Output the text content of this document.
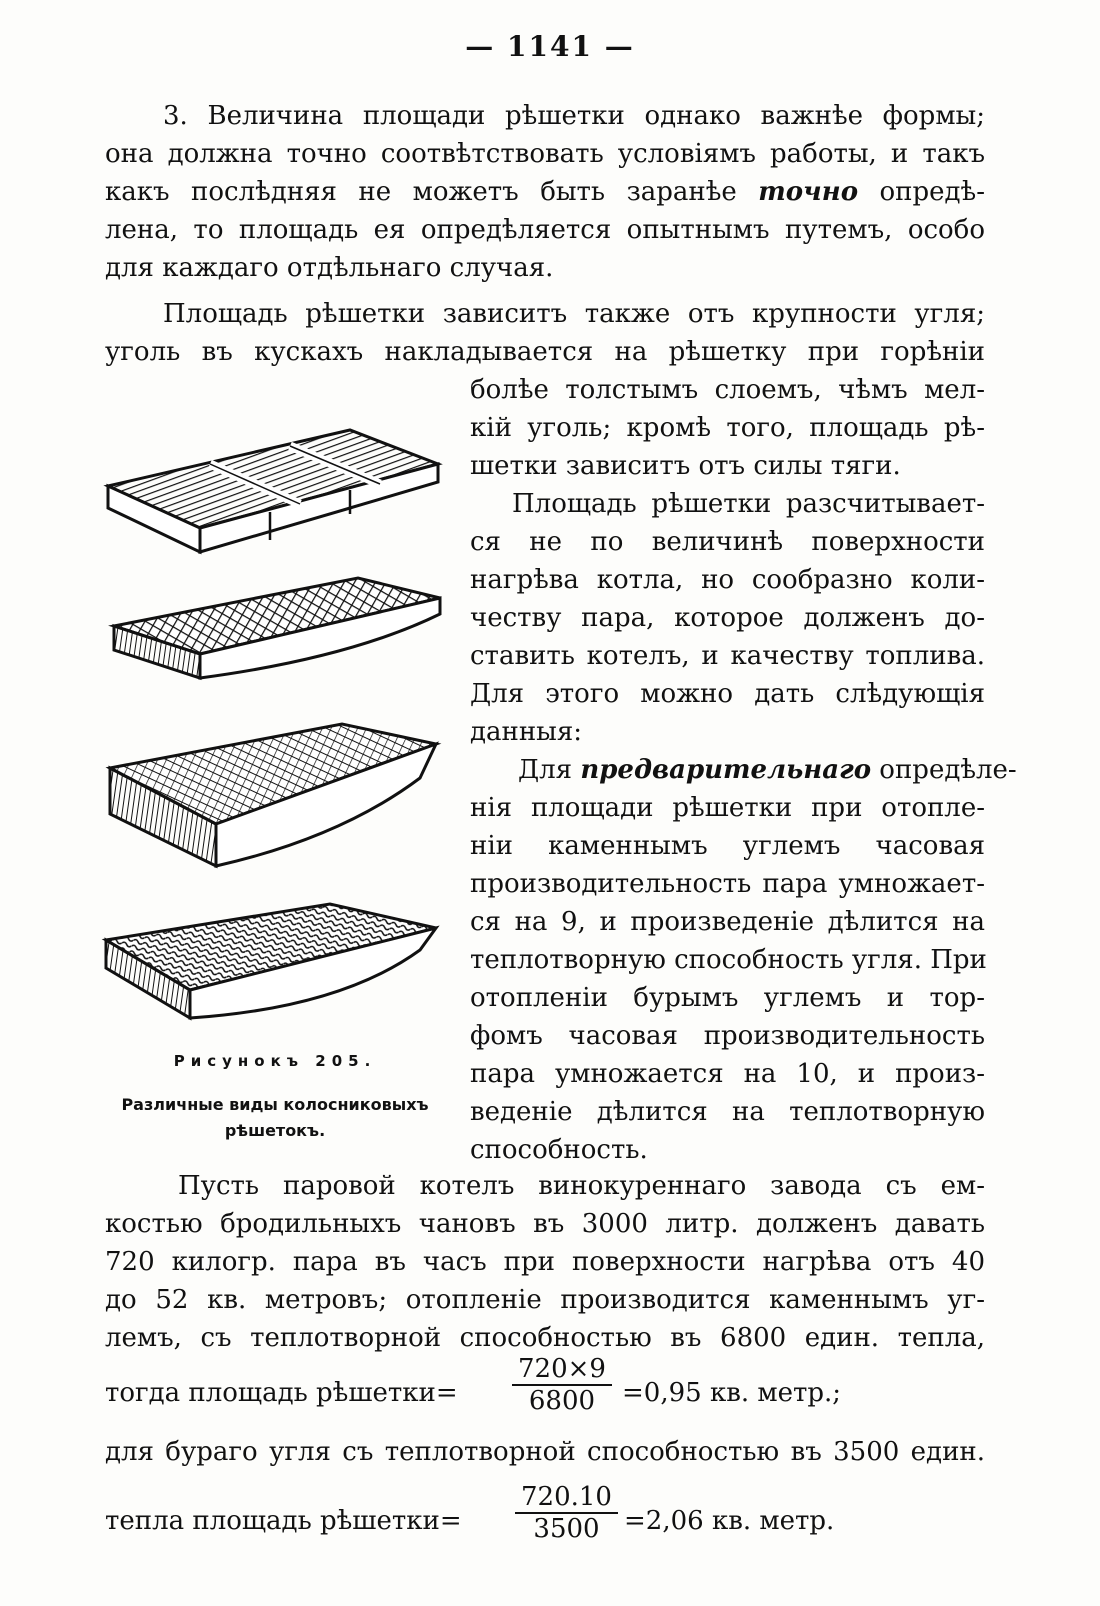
— 1141 —
3. Величина площади рѣшетки однако важнѣе формы;
она должна точно соотвѣтствовать условіямъ работы, и такъ
какъ послѣдняя не можетъ быть заранѣе точно опредѣ-
лена, то площадь ея опредѣляется опытнымъ путемъ, особо
для каждаго отдѣльнаго случая.
Площадь рѣшетки зависитъ также отъ крупности угля;
уголь въ кускахъ накладывается на рѣшетку при горѣніи
болѣе толстымъ слоемъ, чѣмъ мел-
кій уголь; кромѣ того, площадь рѣ-
шетки зависитъ отъ силы тяги.
Площадь рѣшетки разсчитывает-
ся не по величинѣ поверхности
нагрѣва котла, но сообразно коли-
честву пара, которое долженъ до-
ставить котелъ, и качеству топлива.
Для этого можно дать слѣдующія
данныя:
Для предварительнаго опредѣле-
нія площади рѣшетки при отопле-
ніи каменнымъ углемъ часовая
производительность пара умножает-
ся на 9, и произведеніе дѣлится на
теплотворную способность угля. При
отопленіи бурымъ углемъ и тор-
фомъ часовая производительность
пара умножается на 10, и произ-
веденіе дѣлится на теплотворную
способность.
Рисунокъ 205.
Различные виды колосниковыхъ
рѣшетокъ.
Пусть паровой котелъ винокуреннаго завода съ ем-
костью бродильныхъ чановъ въ 3000 литр. долженъ давать
720 килогр. пара въ часъ при поверхности нагрѣва отъ 40
до 52 кв. метровъ; отопленіе производится каменнымъ уг-
лемъ, съ теплотворной способностью въ 6800 един. тепла,
тогда площадь рѣшетки=
720×9
6800	=0,95 кв. метр.;
для бураго угля съ теплотворной способностью въ 3500 един.
тепла площадь рѣшетки=
720.10
3500 =2,06 кв. метр.
